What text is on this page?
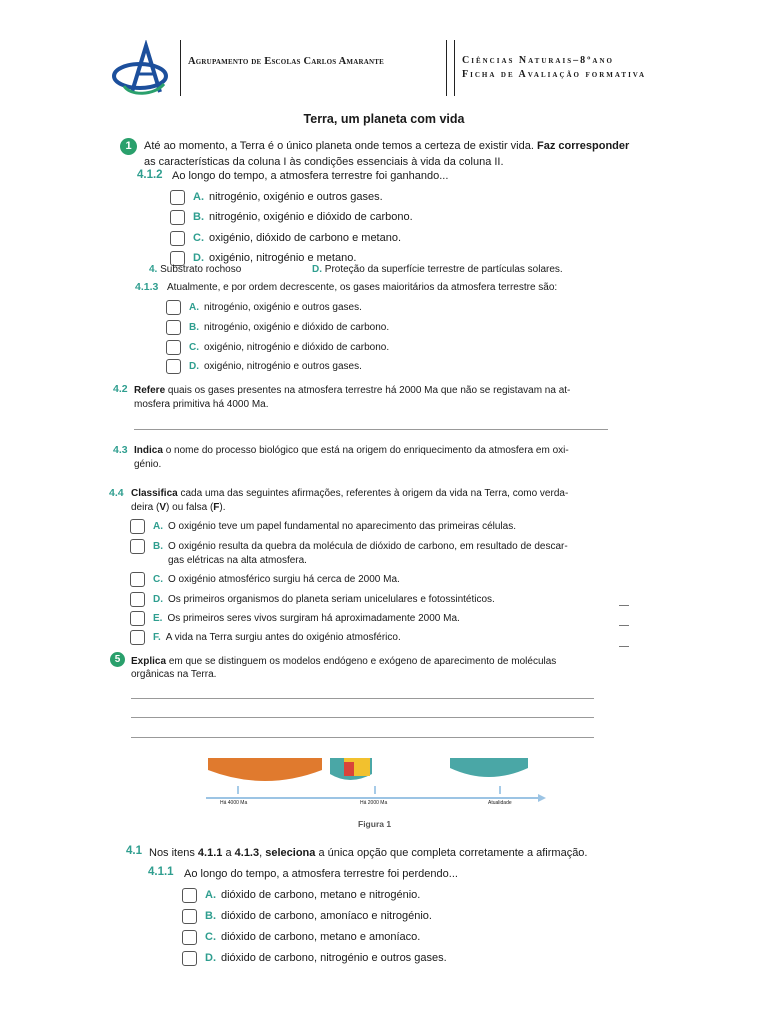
Agrupamento de Escolas Carlos Amarante	Ciências Naturais–8ºano
Ficha de Avaliação formativa
Terra, um planeta com vida
1	Até ao momento, a Terra é o único planeta onde temos a certeza de existir vida. Faz corresponder
as características da coluna I às condições essenciais à vida da coluna II.
4.1.2 Ao longo do tempo, a atmosfera terrestre foi ganhando...
A. nitrogénio, oxigénio e outros gases.
B. nitrogénio, oxigénio e dióxido de carbono.
C. oxigénio, dióxido de carbono e metano.
D. oxigénio, nitrogénio e metano.
4. Substrato rochoso	D. Proteção da superfície terrestre de partículas solares.
4.1.3 Atualmente, e por ordem decrescente, os gases maioritários da atmosfera terrestre são:
A. nitrogénio, oxigénio e outros gases.
B. nitrogénio, oxigénio e dióxido de carbono.
C. oxigénio, nitrogénio e dióxido de carbono.
D. oxigénio, nitrogénio e outros gases.
4.2 Refere quais os gases presentes na atmosfera terrestre há 2000 Ma que não se registavam na at-
mosfera primitiva há 4000 Ma.
4.3 Indica o nome do processo biológico que está na origem do enriquecimento da atmosfera em oxi-
génio.
4.4 Classifica cada uma das seguintes afirmações, referentes à origem da vida na Terra, como verda-
deira (V) ou falsa (F).
A. O oxigénio teve um papel fundamental no aparecimento das primeiras células.
B. O oxigénio resulta da quebra da molécula de dióxido de carbono, em resultado de descar-
gas elétricas na alta atmosfera.
C. O oxigénio atmosférico surgiu há cerca de 2000 Ma.
D. Os primeiros organismos do planeta seriam unicelulares e fotossintéticos.
E. Os primeiros seres vivos surgiram há aproximadamente 2000 Ma.
F. A vida na Terra surgiu antes do oxigénio atmosférico.
5	Explica em que se distinguem os modelos endógeno e exógeno de aparecimento de moléculas
orgânicas na Terra.
Há 4000 Ma	Há 2000 Ma	Atualidade
Figura 1
4.1 Nos itens 4.1.1 a 4.1.3, seleciona a única opção que completa corretamente a afirmação.
4.1.1 Ao longo do tempo, a atmosfera terrestre foi perdendo...
A. dióxido de carbono, metano e nitrogénio.
B. dióxido de carbono, amoníaco e nitrogénio.
C. dióxido de carbono, metano e amoníaco.
D. dióxido de carbono, nitrogénio e outros gases.
